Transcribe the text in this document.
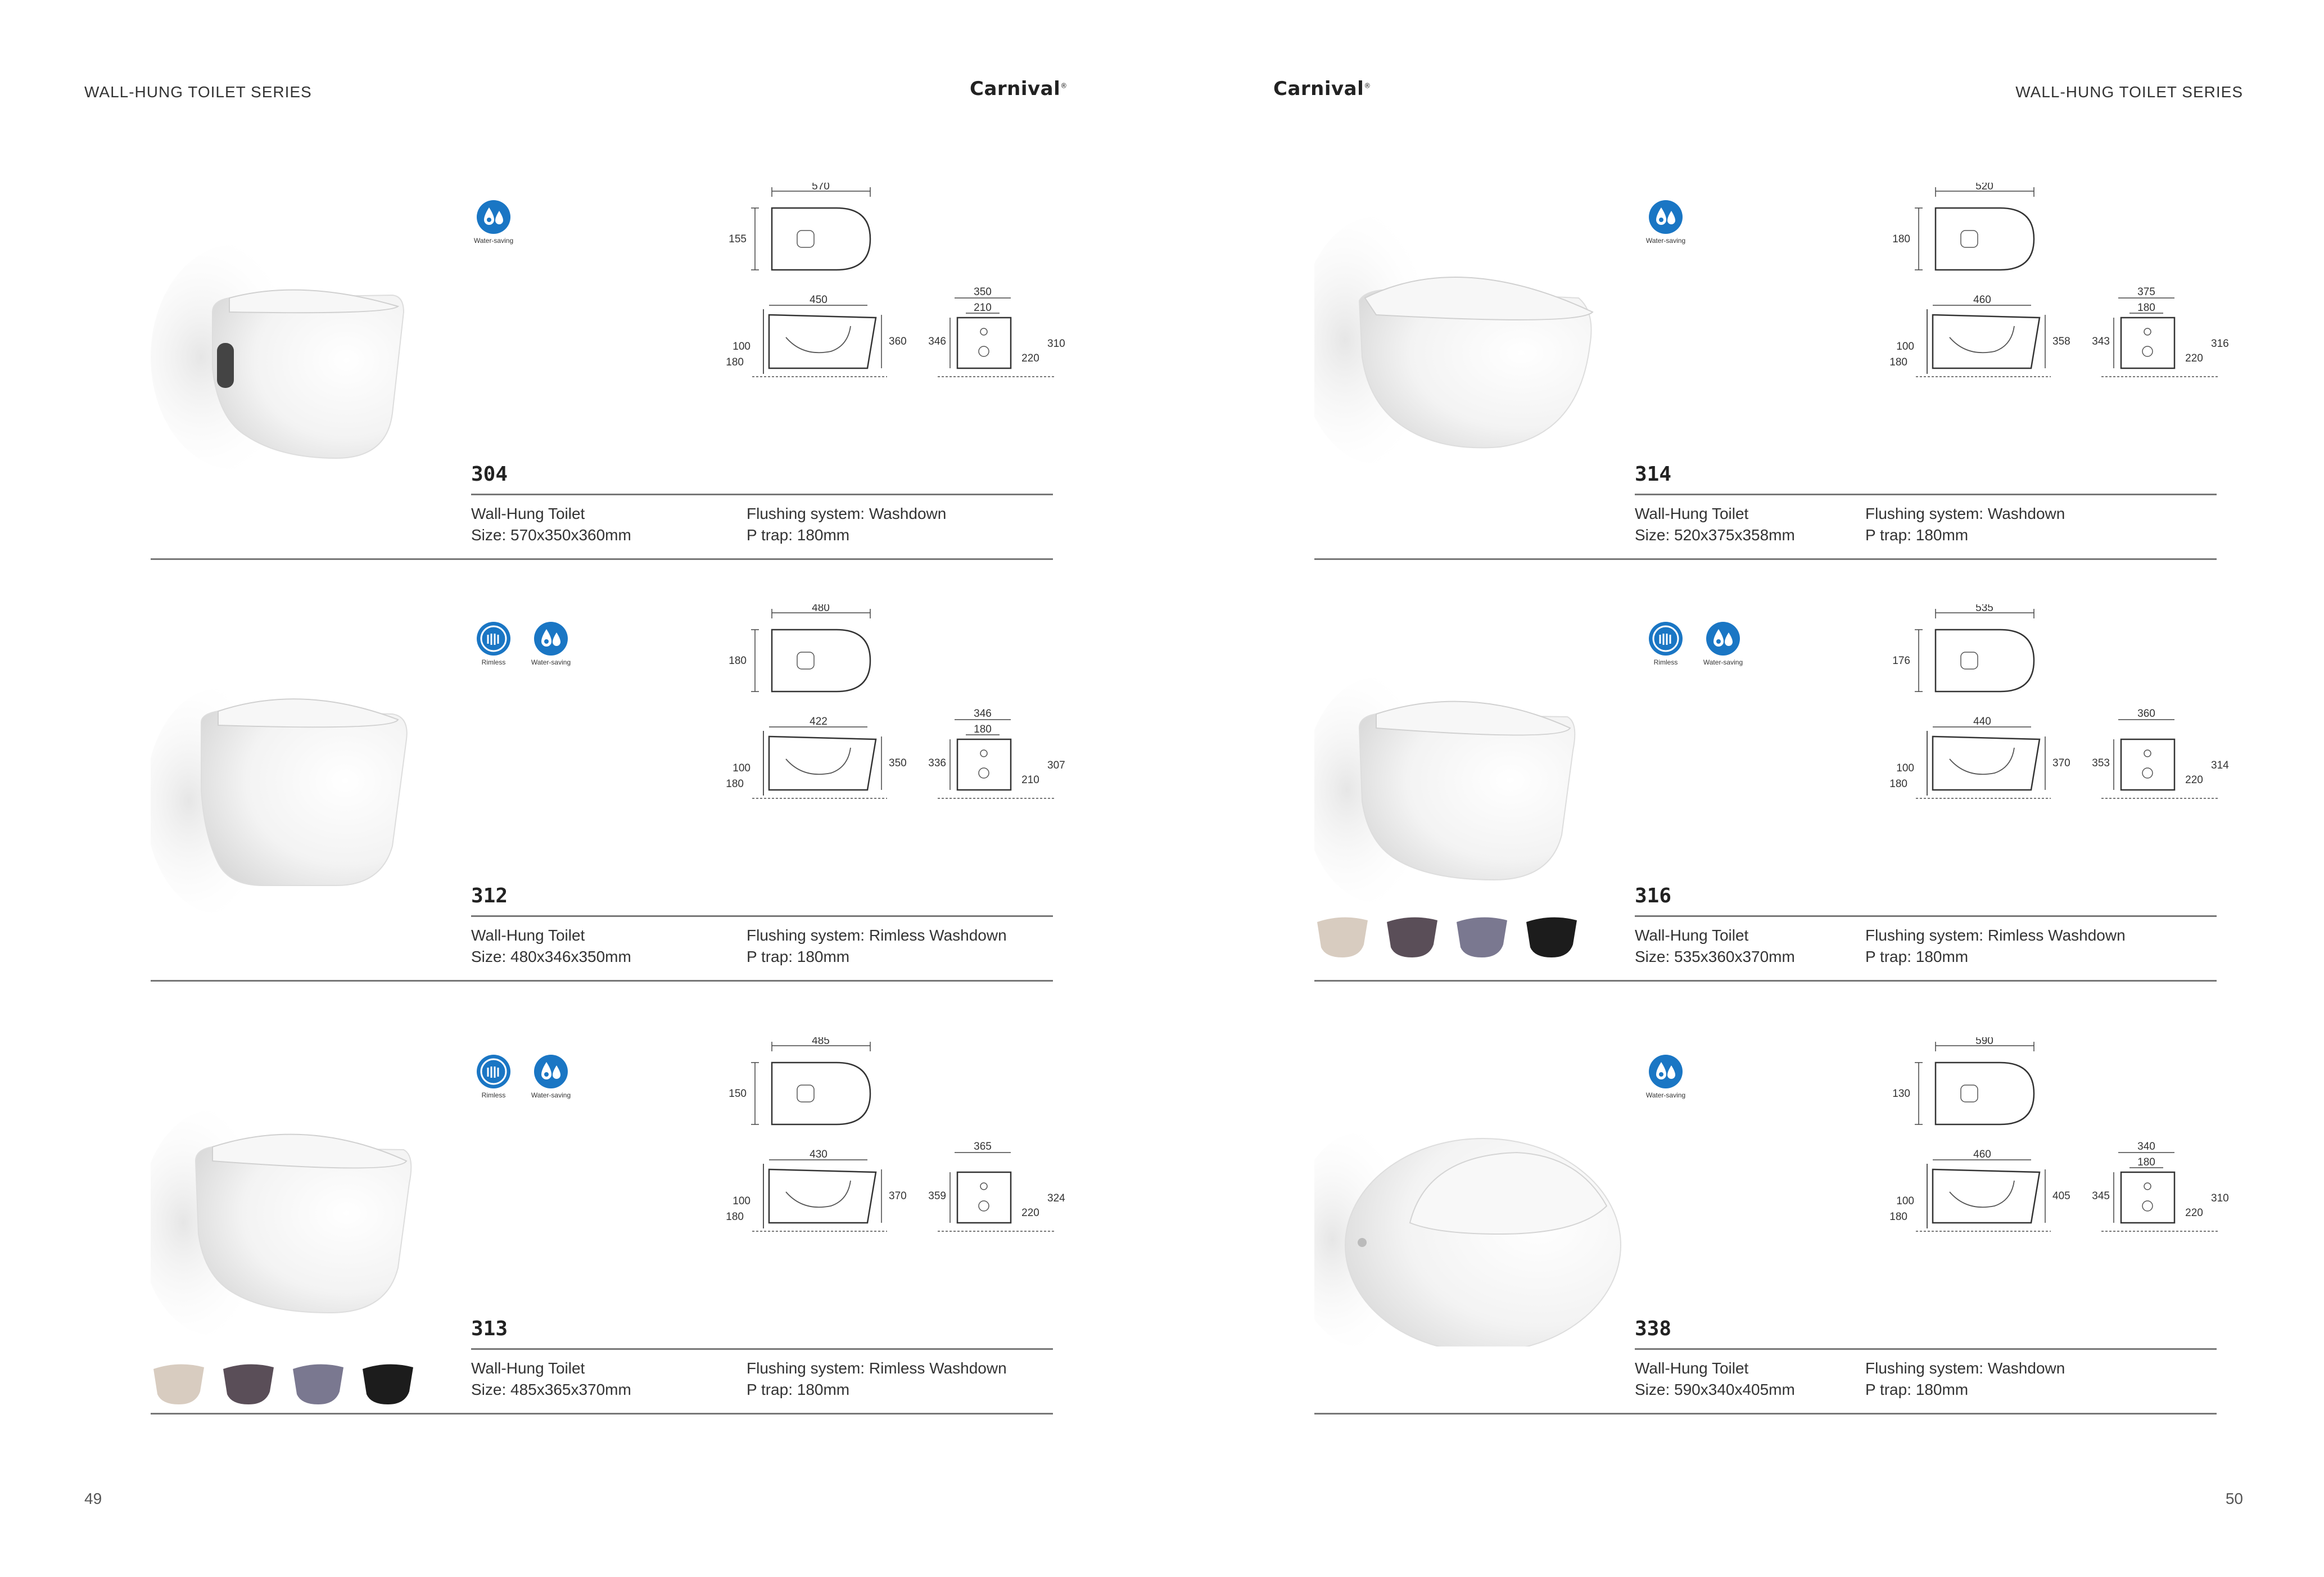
WALL-HUNG TOILET SERIES	Carnival®	Carnival®	WALL-HUNG TOILET SERIES
49	50
Water-saving
570
155
450
360
100
180
350
210
346
220
310
304
Wall-Hung Toilet
Size: 570x350x360mm
Flushing system: Washdown
P trap: 180mm
Rimless	Water-saving
480
180
422
350
100
180
346
180
336
210
307
312
Wall-Hung Toilet
Size: 480x346x350mm
Flushing system: Rimless Washdown
P trap: 180mm
Rimless	Water-saving
485
150
430
370
100
180
365
359
220
324
313
Wall-Hung Toilet
Size: 485x365x370mm
Flushing system: Rimless Washdown
P trap: 180mm
Water-saving
520
180
460
358
100
180
375
180
343
220
316
314
Wall-Hung Toilet
Size: 520x375x358mm
Flushing system: Washdown
P trap: 180mm
Rimless	Water-saving
535
176
440
370
100
180
360
353
220
314
316
Wall-Hung Toilet
Size: 535x360x370mm
Flushing system: Rimless Washdown
P trap: 180mm
Water-saving
590
130
460
405
100
180
340
180
345
220
310
338
Wall-Hung Toilet
Size: 590x340x405mm
Flushing system: Washdown
P trap: 180mm
